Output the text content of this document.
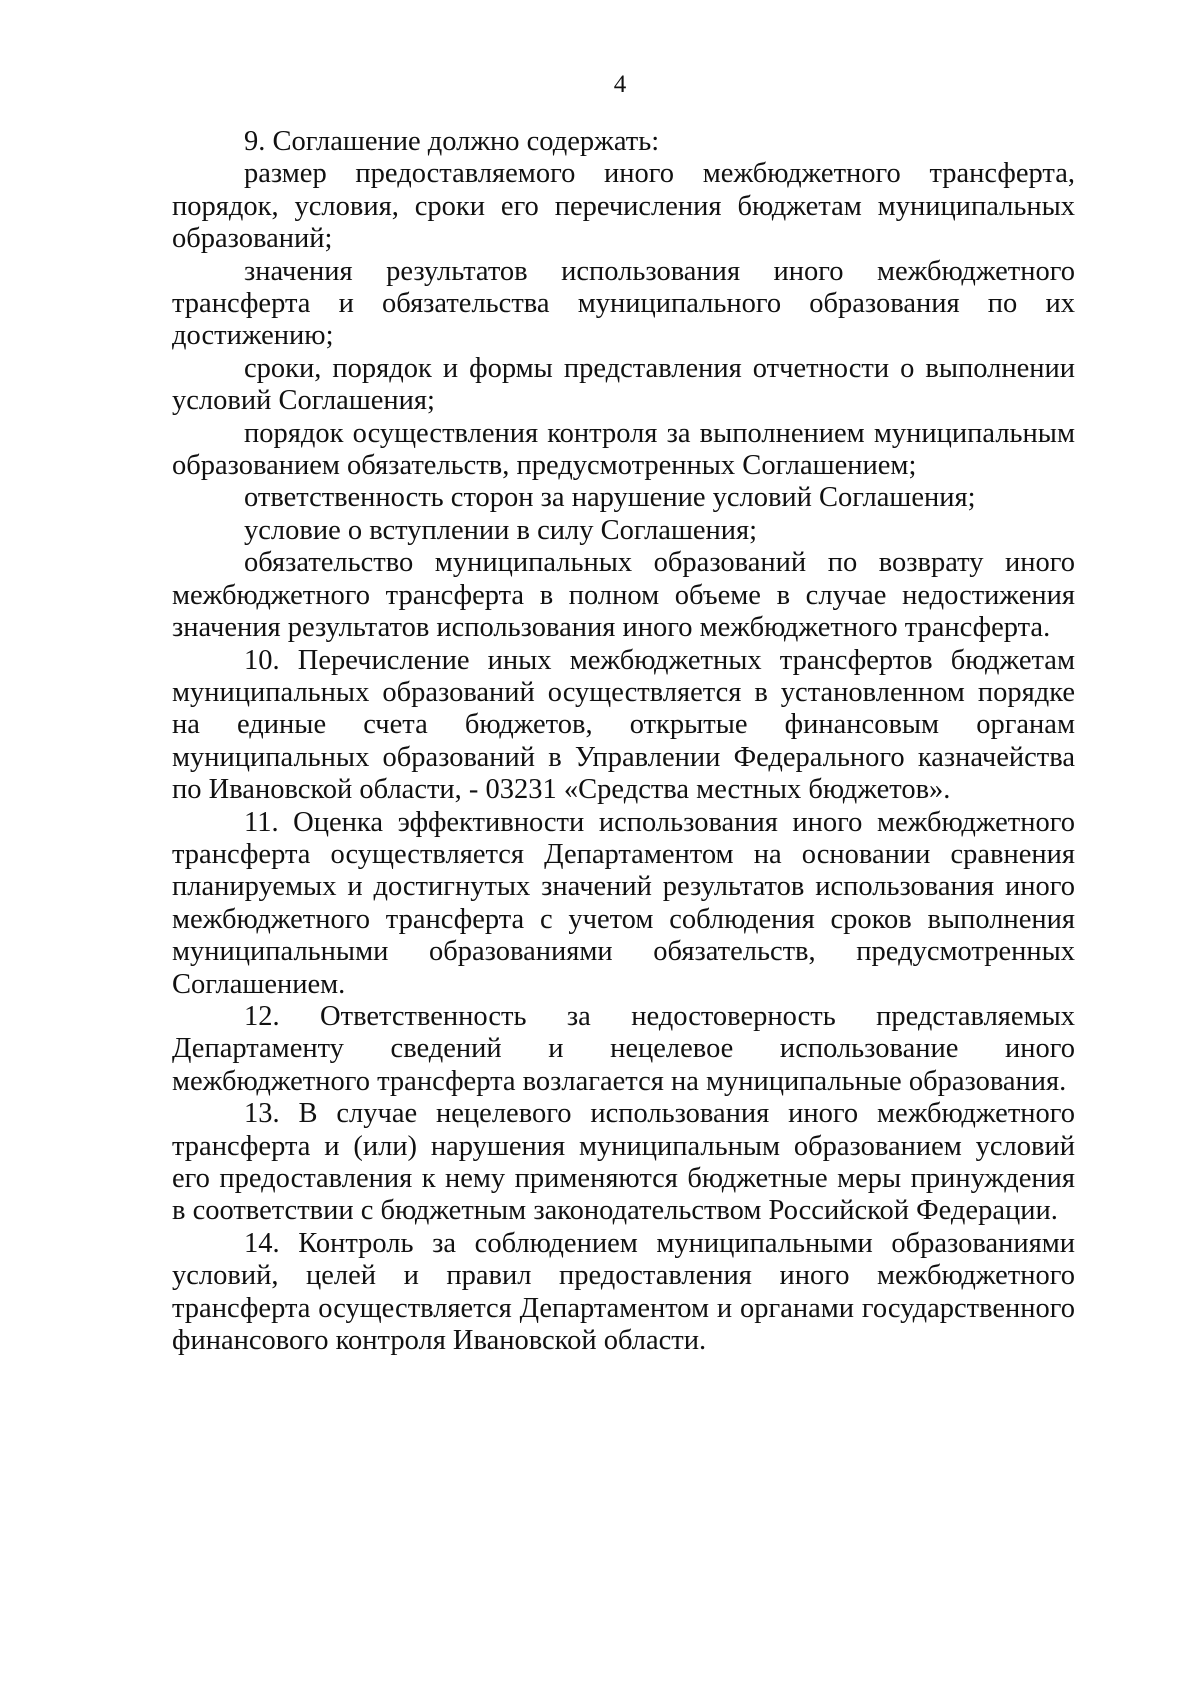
4

9. Соглашение должно содержать:

размер предоставляемого иного межбюджетного трансферта, порядок, условия, сроки его перечисления бюджетам муниципальных образований;

значения результатов использования иного межбюджетного трансферта и обязательства муниципального образования по их достижению;

сроки, порядок и формы представления отчетности о выполнении условий Соглашения;

порядок осуществления контроля за выполнением муниципальным образованием обязательств, предусмотренных Соглашением;

ответственность сторон за нарушение условий Соглашения;

условие о вступлении в силу Соглашения;

обязательство муниципальных образований по возврату иного межбюджетного трансферта в полном объеме в случае недостижения значения результатов использования иного межбюджетного трансферта.

10. Перечисление иных межбюджетных трансфертов бюджетам муниципальных образований осуществляется в установленном порядке на единые счета бюджетов, открытые финансовым органам муниципальных образований в Управлении Федерального казначейства по Ивановской области, - 03231 «Средства местных бюджетов».

11. Оценка эффективности использования иного межбюджетного трансферта осуществляется Департаментом на основании сравнения планируемых и достигнутых значений результатов использования иного межбюджетного трансферта с учетом соблюдения сроков выполнения муниципальными образованиями обязательств, предусмотренных Соглашением.

12. Ответственность за недостоверность представляемых Департаменту сведений и нецелевое использование иного межбюджетного трансферта возлагается на муниципальные образования.

13. В случае нецелевого использования иного межбюджетного трансферта и (или) нарушения муниципальным образованием условий его предоставления к нему применяются бюджетные меры принуждения в соответствии с бюджетным законодательством Российской Федерации.

14. Контроль за соблюдением муниципальными образованиями условий, целей и правил предоставления иного межбюджетного трансферта осуществляется Департаментом и органами государственного финансового контроля Ивановской области.
